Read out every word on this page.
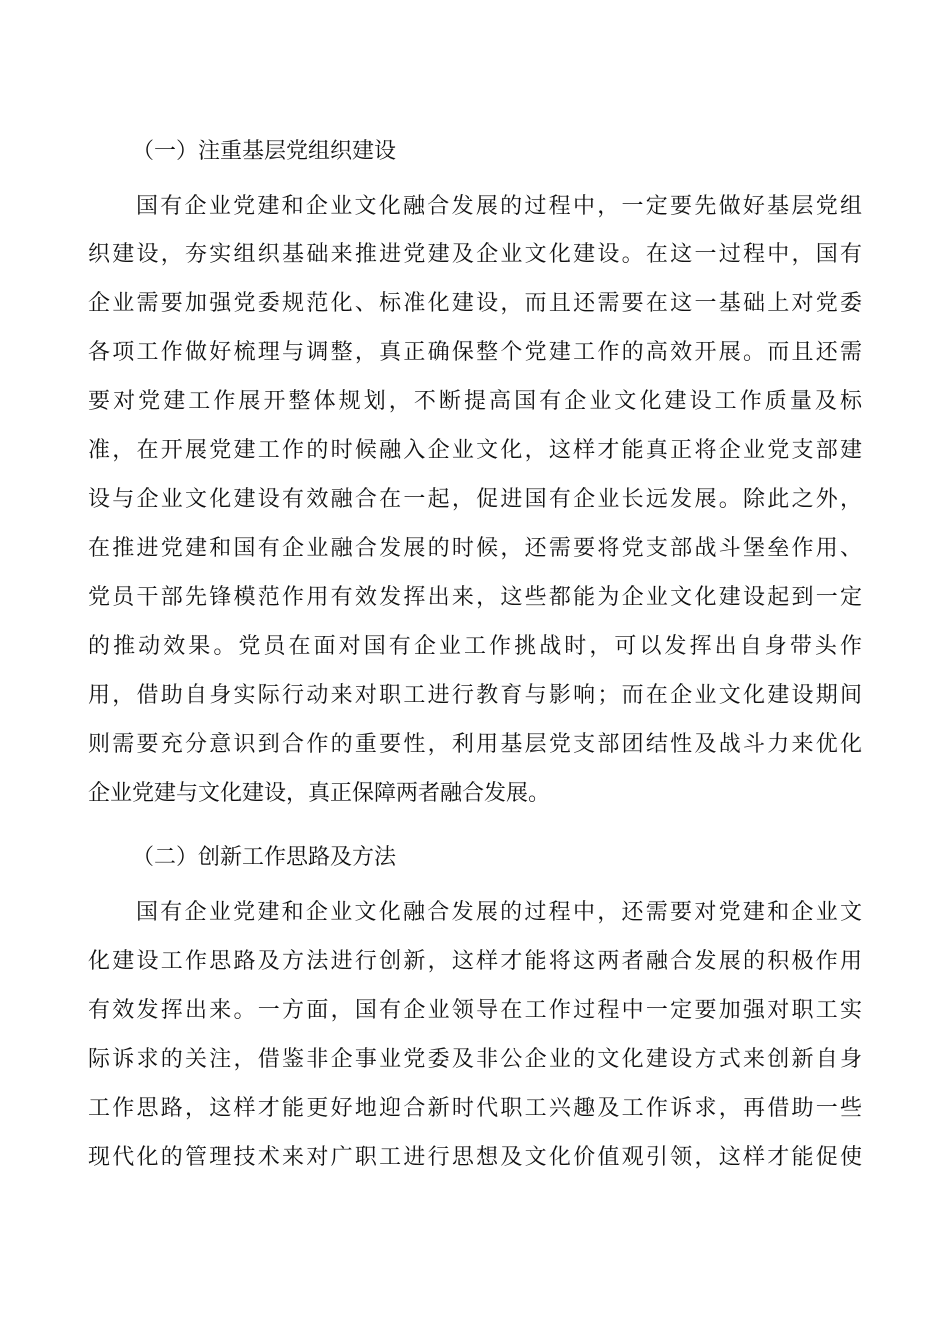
（一）注重基层党组织建设
国有企业党建和企业文化融合发展的过程中，一定要先做好基层党组
织建设，夯实组织基础来推进党建及企业文化建设。在这一过程中，国有
企业需要加强党委规范化、标准化建设，而且还需要在这一基础上对党委
各项工作做好梳理与调整，真正确保整个党建工作的高效开展。而且还需
要对党建工作展开整体规划，不断提高国有企业文化建设工作质量及标
准，在开展党建工作的时候融入企业文化，这样才能真正将企业党支部建
设与企业文化建设有效融合在一起，促进国有企业长远发展。除此之外，
在推进党建和国有企业融合发展的时候，还需要将党支部战斗堡垒作用、
党员干部先锋模范作用有效发挥出来，这些都能为企业文化建设起到一定
的推动效果。党员在面对国有企业工作挑战时，可以发挥出自身带头作
用，借助自身实际行动来对职工进行教育与影响；而在企业文化建设期间
则需要充分意识到合作的重要性，利用基层党支部团结性及战斗力来优化
企业党建与文化建设，真正保障两者融合发展。
（二）创新工作思路及方法
国有企业党建和企业文化融合发展的过程中，还需要对党建和企业文
化建设工作思路及方法进行创新，这样才能将这两者融合发展的积极作用
有效发挥出来。一方面，国有企业领导在工作过程中一定要加强对职工实
际诉求的关注，借鉴非企事业党委及非公企业的文化建设方式来创新自身
工作思路，这样才能更好地迎合新时代职工兴趣及工作诉求，再借助一些
现代化的管理技术来对广职工进行思想及文化价值观引领，这样才能促使
